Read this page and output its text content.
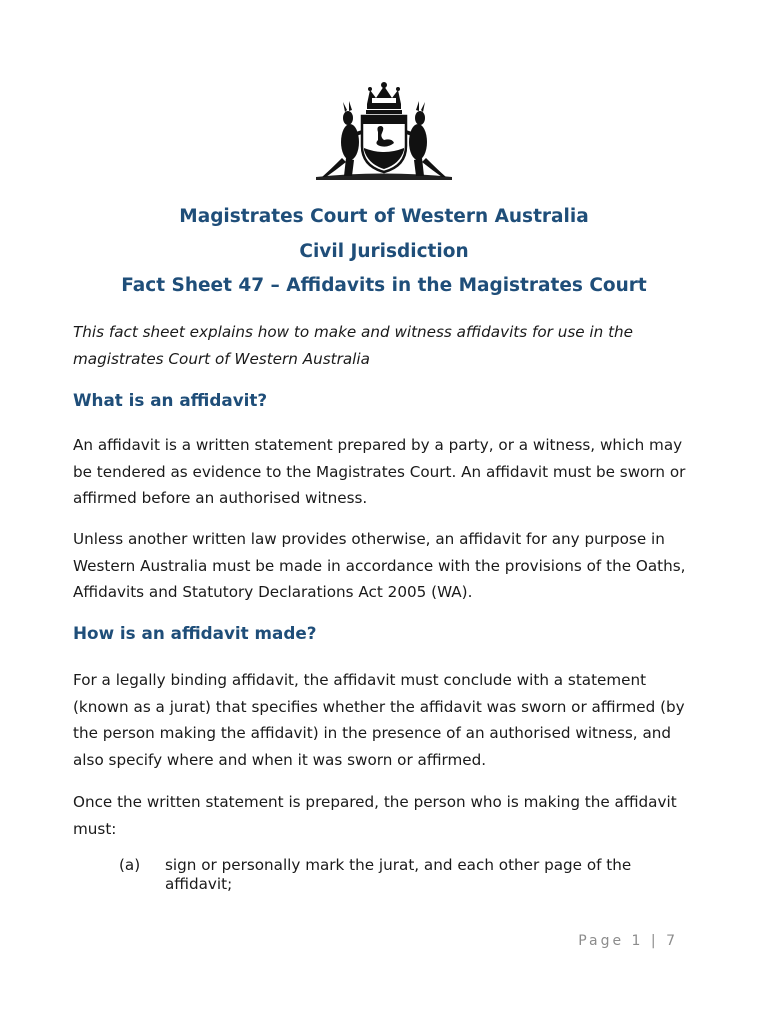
Magistrates Court of Western Australia
Civil Jurisdiction
Fact Sheet 47 – Affidavits in the Magistrates Court
This fact sheet explains how to make and witness affidavits for use in the magistrates Court of Western Australia
What is an affidavit?
An affidavit is a written statement prepared by a party, or a witness, which may be tendered as evidence to the Magistrates Court. An affidavit must be sworn or affirmed before an authorised witness.
Unless another written law provides otherwise, an affidavit for any purpose in Western Australia must be made in accordance with the provisions of the Oaths, Affidavits and Statutory Declarations Act 2005 (WA).
How is an affidavit made?
For a legally binding affidavit, the affidavit must conclude with a statement (known as a jurat) that specifies whether the affidavit was sworn or affirmed (by the person making the affidavit) in the presence of an authorised witness, and also specify where and when it was sworn or affirmed.
Once the written statement is prepared, the person who is making the affidavit must:
(a) sign or personally mark the jurat, and each other page of the affidavit;
Page 1 | 7
